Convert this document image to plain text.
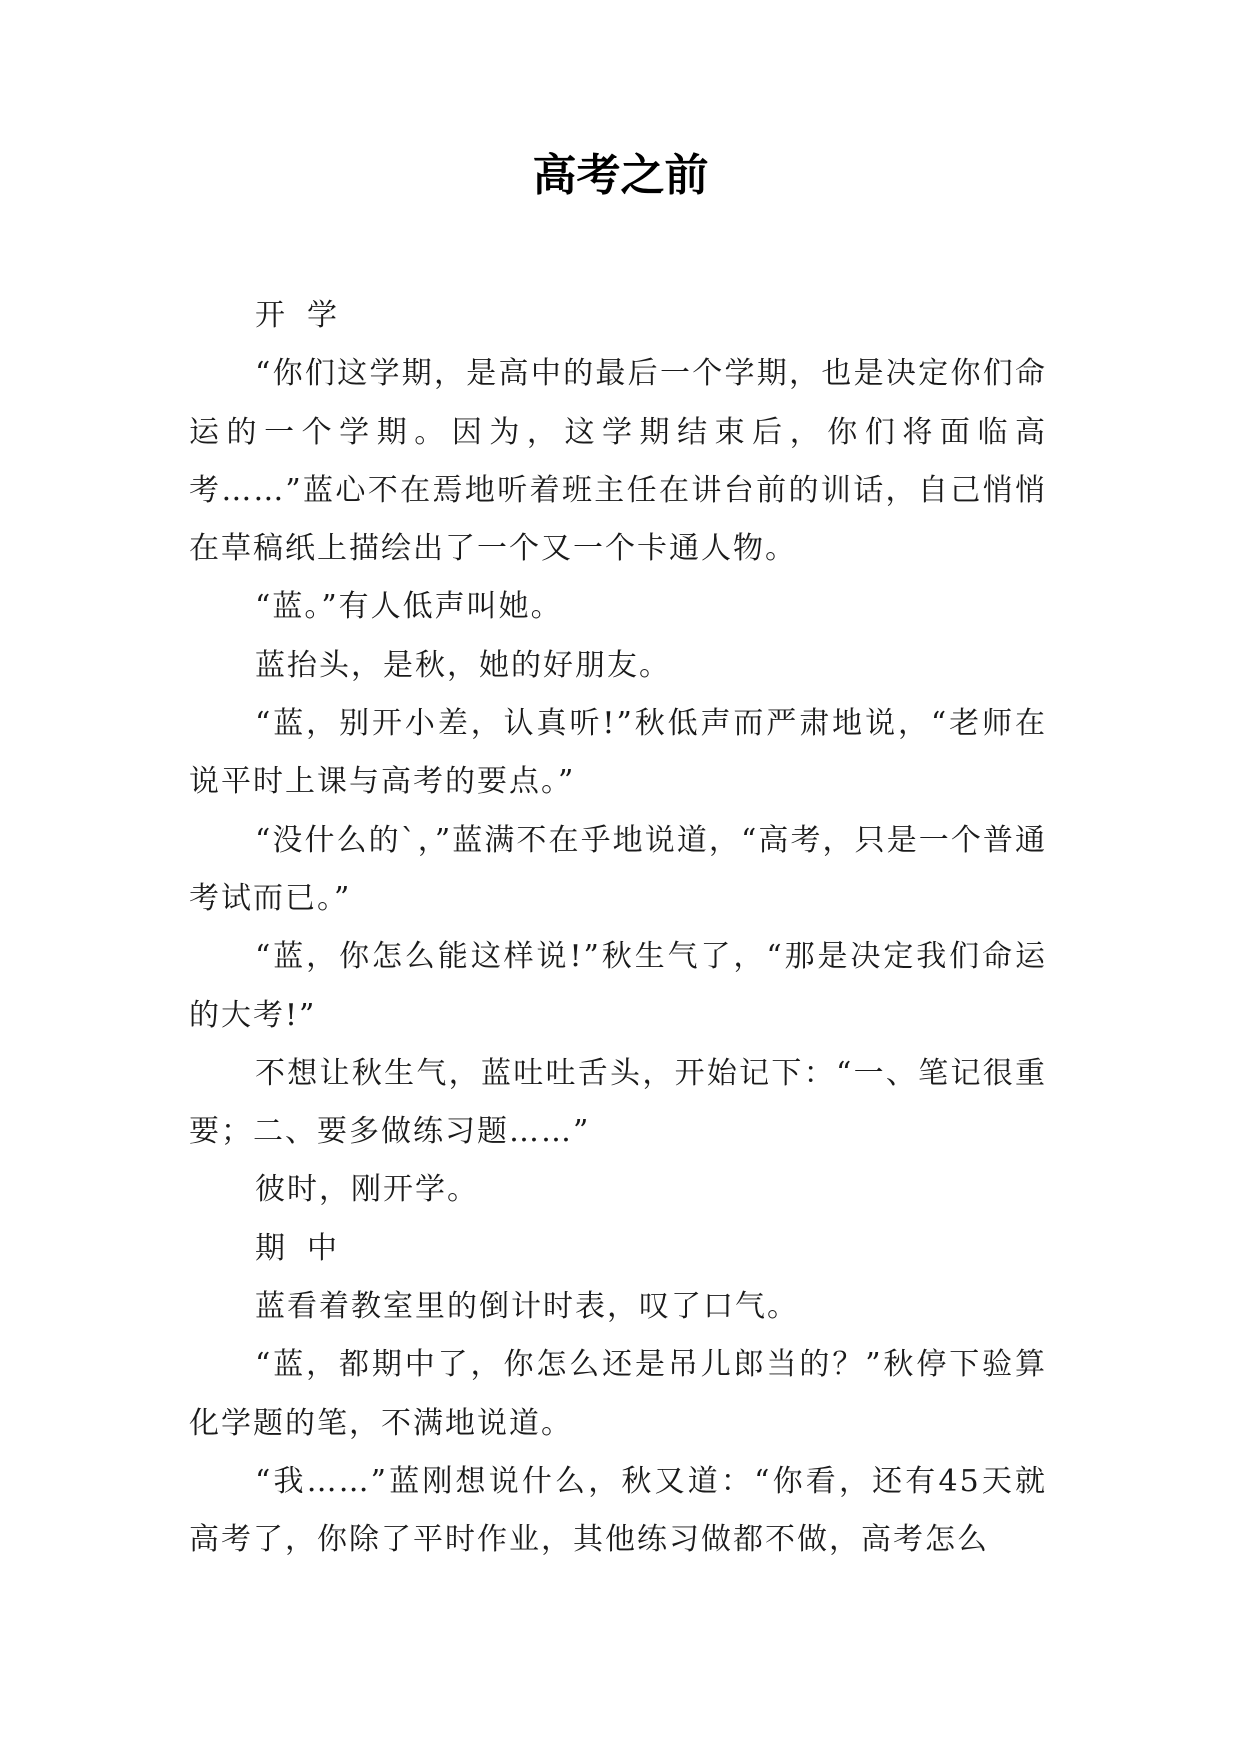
高考之前

开学

“你们这学期，是高中的最后一个学期，也是决定你们命运的一个学期。因为，这学期结束后，你们将面临高考……”蓝心不在焉地听着班主任在讲台前的训话，自己悄悄在草稿纸上描绘出了一个又一个卡通人物。

“蓝。”有人低声叫她。

蓝抬头，是秋，她的好朋友。

“蓝，别开小差，认真听!”秋低声而严肃地说，“老师在说平时上课与高考的要点。”

“没什么的`，”蓝满不在乎地说道，“高考，只是一个普通考试而已。”

“蓝，你怎么能这样说!”秋生气了，“那是决定我们命运的大考!”

不想让秋生气，蓝吐吐舌头，开始记下：“一、笔记很重要；二、要多做练习题……”

彼时，刚开学。

期中

蓝看着教室里的倒计时表，叹了口气。

“蓝，都期中了，你怎么还是吊儿郎当的？”秋停下验算化学题的笔，不满地说道。

“我……”蓝刚想说什么，秋又道：“你看，还有45天就高考了，你除了平时作业，其他练习做都不做，高考怎么
